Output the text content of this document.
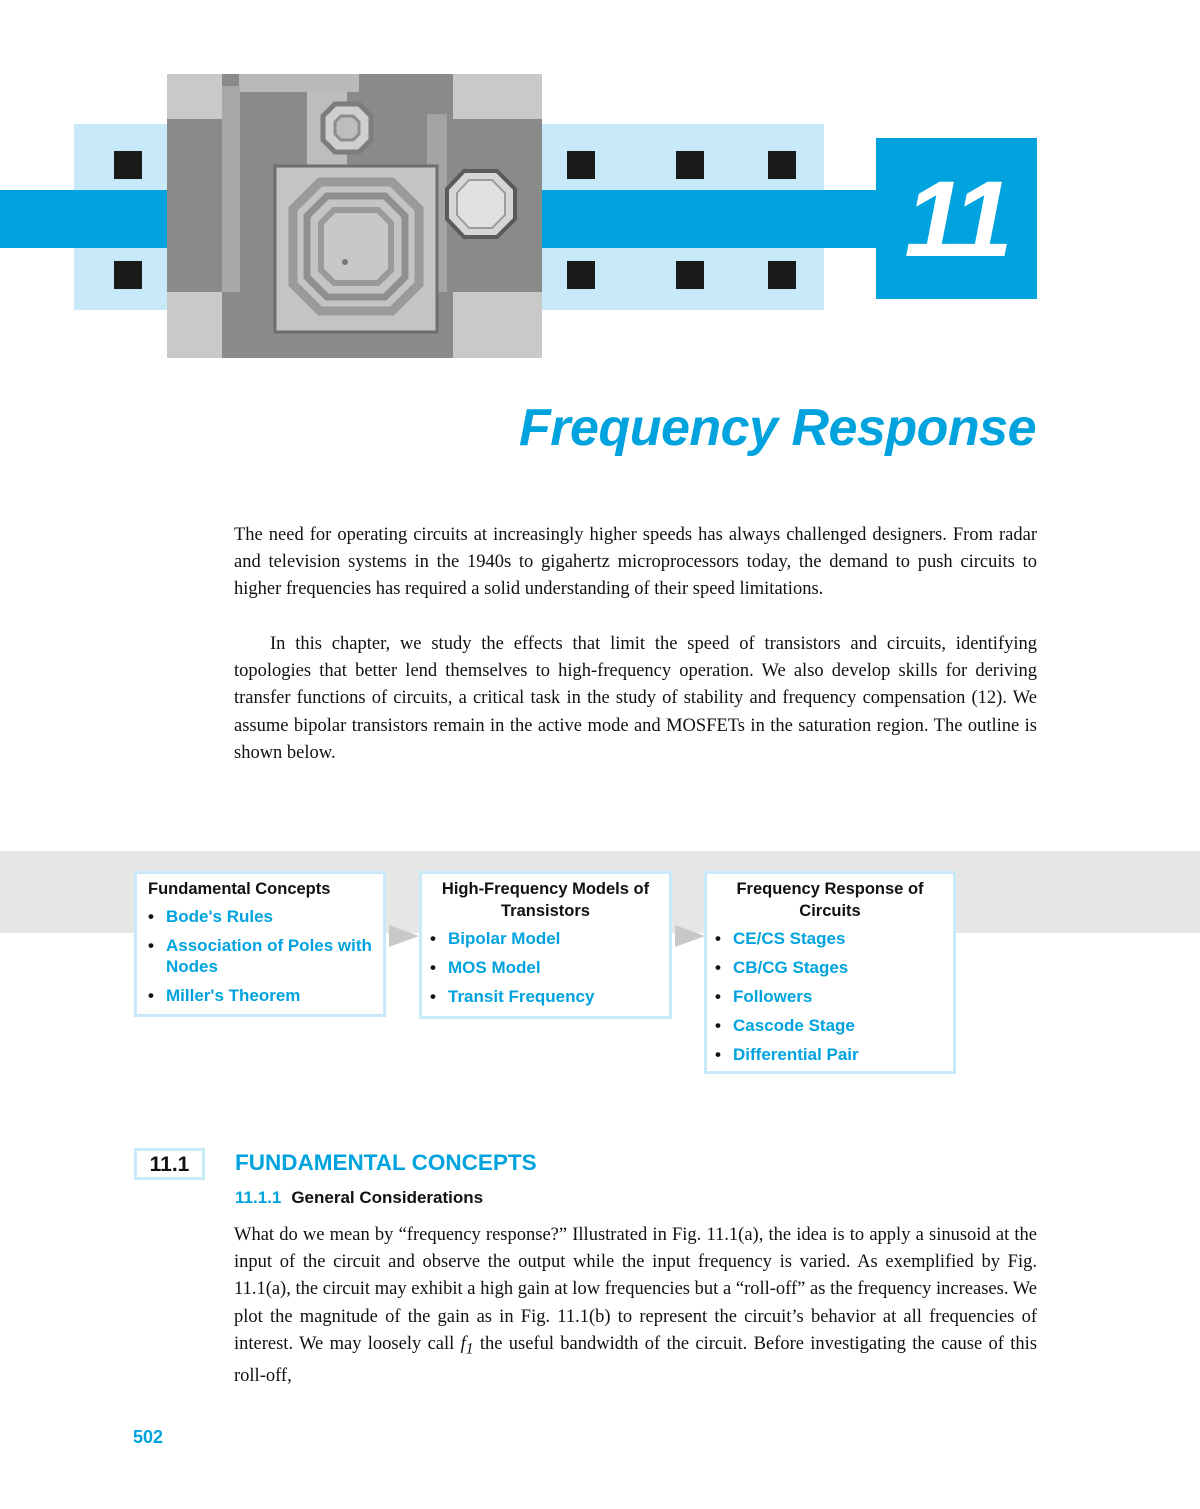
11
Frequency Response

The need for operating circuits at increasingly higher speeds has always challenged designers. From radar and television systems in the 1940s to gigahertz microprocessors today, the demand to push circuits to higher frequencies has required a solid understanding of their speed limitations.

In this chapter, we study the effects that limit the speed of transistors and circuits, identifying topologies that better lend themselves to high-frequency operation. We also develop skills for deriving transfer functions of circuits, a critical task in the study of stability and frequency compensation (12). We assume bipolar transistors remain in the active mode and MOSFETs in the saturation region. The outline is shown below.

Fundamental Concepts
• Bode's Rules
• Association of Poles with Nodes
• Miller's Theorem
High-Frequency Models of Transistors
• Bipolar Model
• MOS Model
• Transit Frequency
Frequency Response of Circuits
• CE/CS Stages
• CB/CG Stages
• Followers
• Cascode Stage
• Differential Pair
11.1	FUNDAMENTAL CONCEPTS
11.1.1 General Considerations

What do we mean by “frequency response?” Illustrated in Fig. 11.1(a), the idea is to apply a sinusoid at the input of the circuit and observe the output while the input frequency is varied. As exemplified by Fig. 11.1(a), the circuit may exhibit a high gain at low frequencies but a “roll-off” as the frequency increases. We plot the magnitude of the gain as in Fig. 11.1(b) to represent the circuit’s behavior at all frequencies of interest. We may loosely call $f_1$ the useful bandwidth of the circuit. Before investigating the cause of this roll-off,

502
